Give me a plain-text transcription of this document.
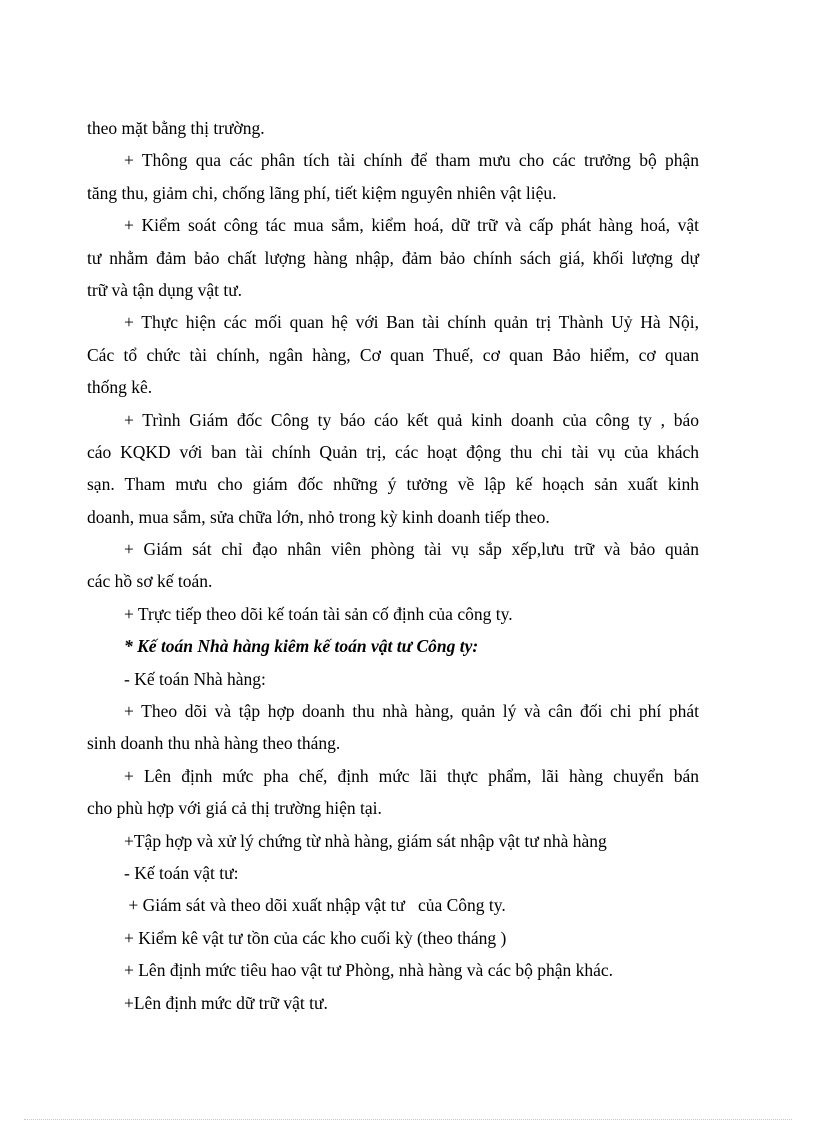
theo mặt bằng thị trường.
+ Thông qua các phân tích tài chính để tham mưu cho các trưởng bộ phận
tăng thu, giảm chi, chống lãng phí, tiết kiệm nguyên nhiên vật liệu.
+ Kiểm soát công tác mua sắm, kiểm hoá, dữ trữ và cấp phát hàng hoá, vật
tư nhằm đảm bảo chất lượng hàng nhập, đảm bảo chính sách giá, khối lượng dự
trữ và tận dụng vật tư.
+ Thực hiện các mối quan hệ với Ban tài chính quản trị Thành Uỷ Hà Nội,
Các tổ chức tài chính, ngân hàng, Cơ quan Thuế, cơ quan Bảo hiểm, cơ quan
thống kê.
+ Trình Giám đốc Công ty báo cáo kết quả kinh doanh của công ty , báo
cáo KQKD với ban tài chính Quản trị, các hoạt động thu chi tài vụ của khách
sạn. Tham mưu cho giám đốc những ý tưởng về lập kế hoạch sản xuất kinh
doanh, mua sắm, sửa chữa lớn, nhỏ trong kỳ kinh doanh tiếp theo.
+ Giám sát chỉ đạo nhân viên phòng tài vụ sắp xếp,lưu trữ và bảo quản
các hồ sơ kế toán.
+ Trực tiếp theo dõi kế toán tài sản cố định của công ty.
* Kế toán Nhà hàng kiêm kế toán vật tư Công ty:
- Kế toán Nhà hàng:
+ Theo dõi và tập hợp doanh thu nhà hàng, quản lý và cân đối chi phí phát
sinh doanh thu nhà hàng theo tháng.
+ Lên định mức pha chế, định mức lãi thực phẩm, lãi hàng chuyển bán
cho phù hợp với giá cả thị trường hiện tại.
+Tập hợp và xử lý chứng từ nhà hàng, giám sát nhập vật tư nhà hàng
- Kế toán vật tư:
+ Giám sát và theo dõi xuất nhập vật tư   của Công ty.
+ Kiểm kê vật tư tồn của các kho cuối kỳ (theo tháng )
+ Lên định mức tiêu hao vật tư Phòng, nhà hàng và các bộ phận khác.
+Lên định mức dữ trữ vật tư.
